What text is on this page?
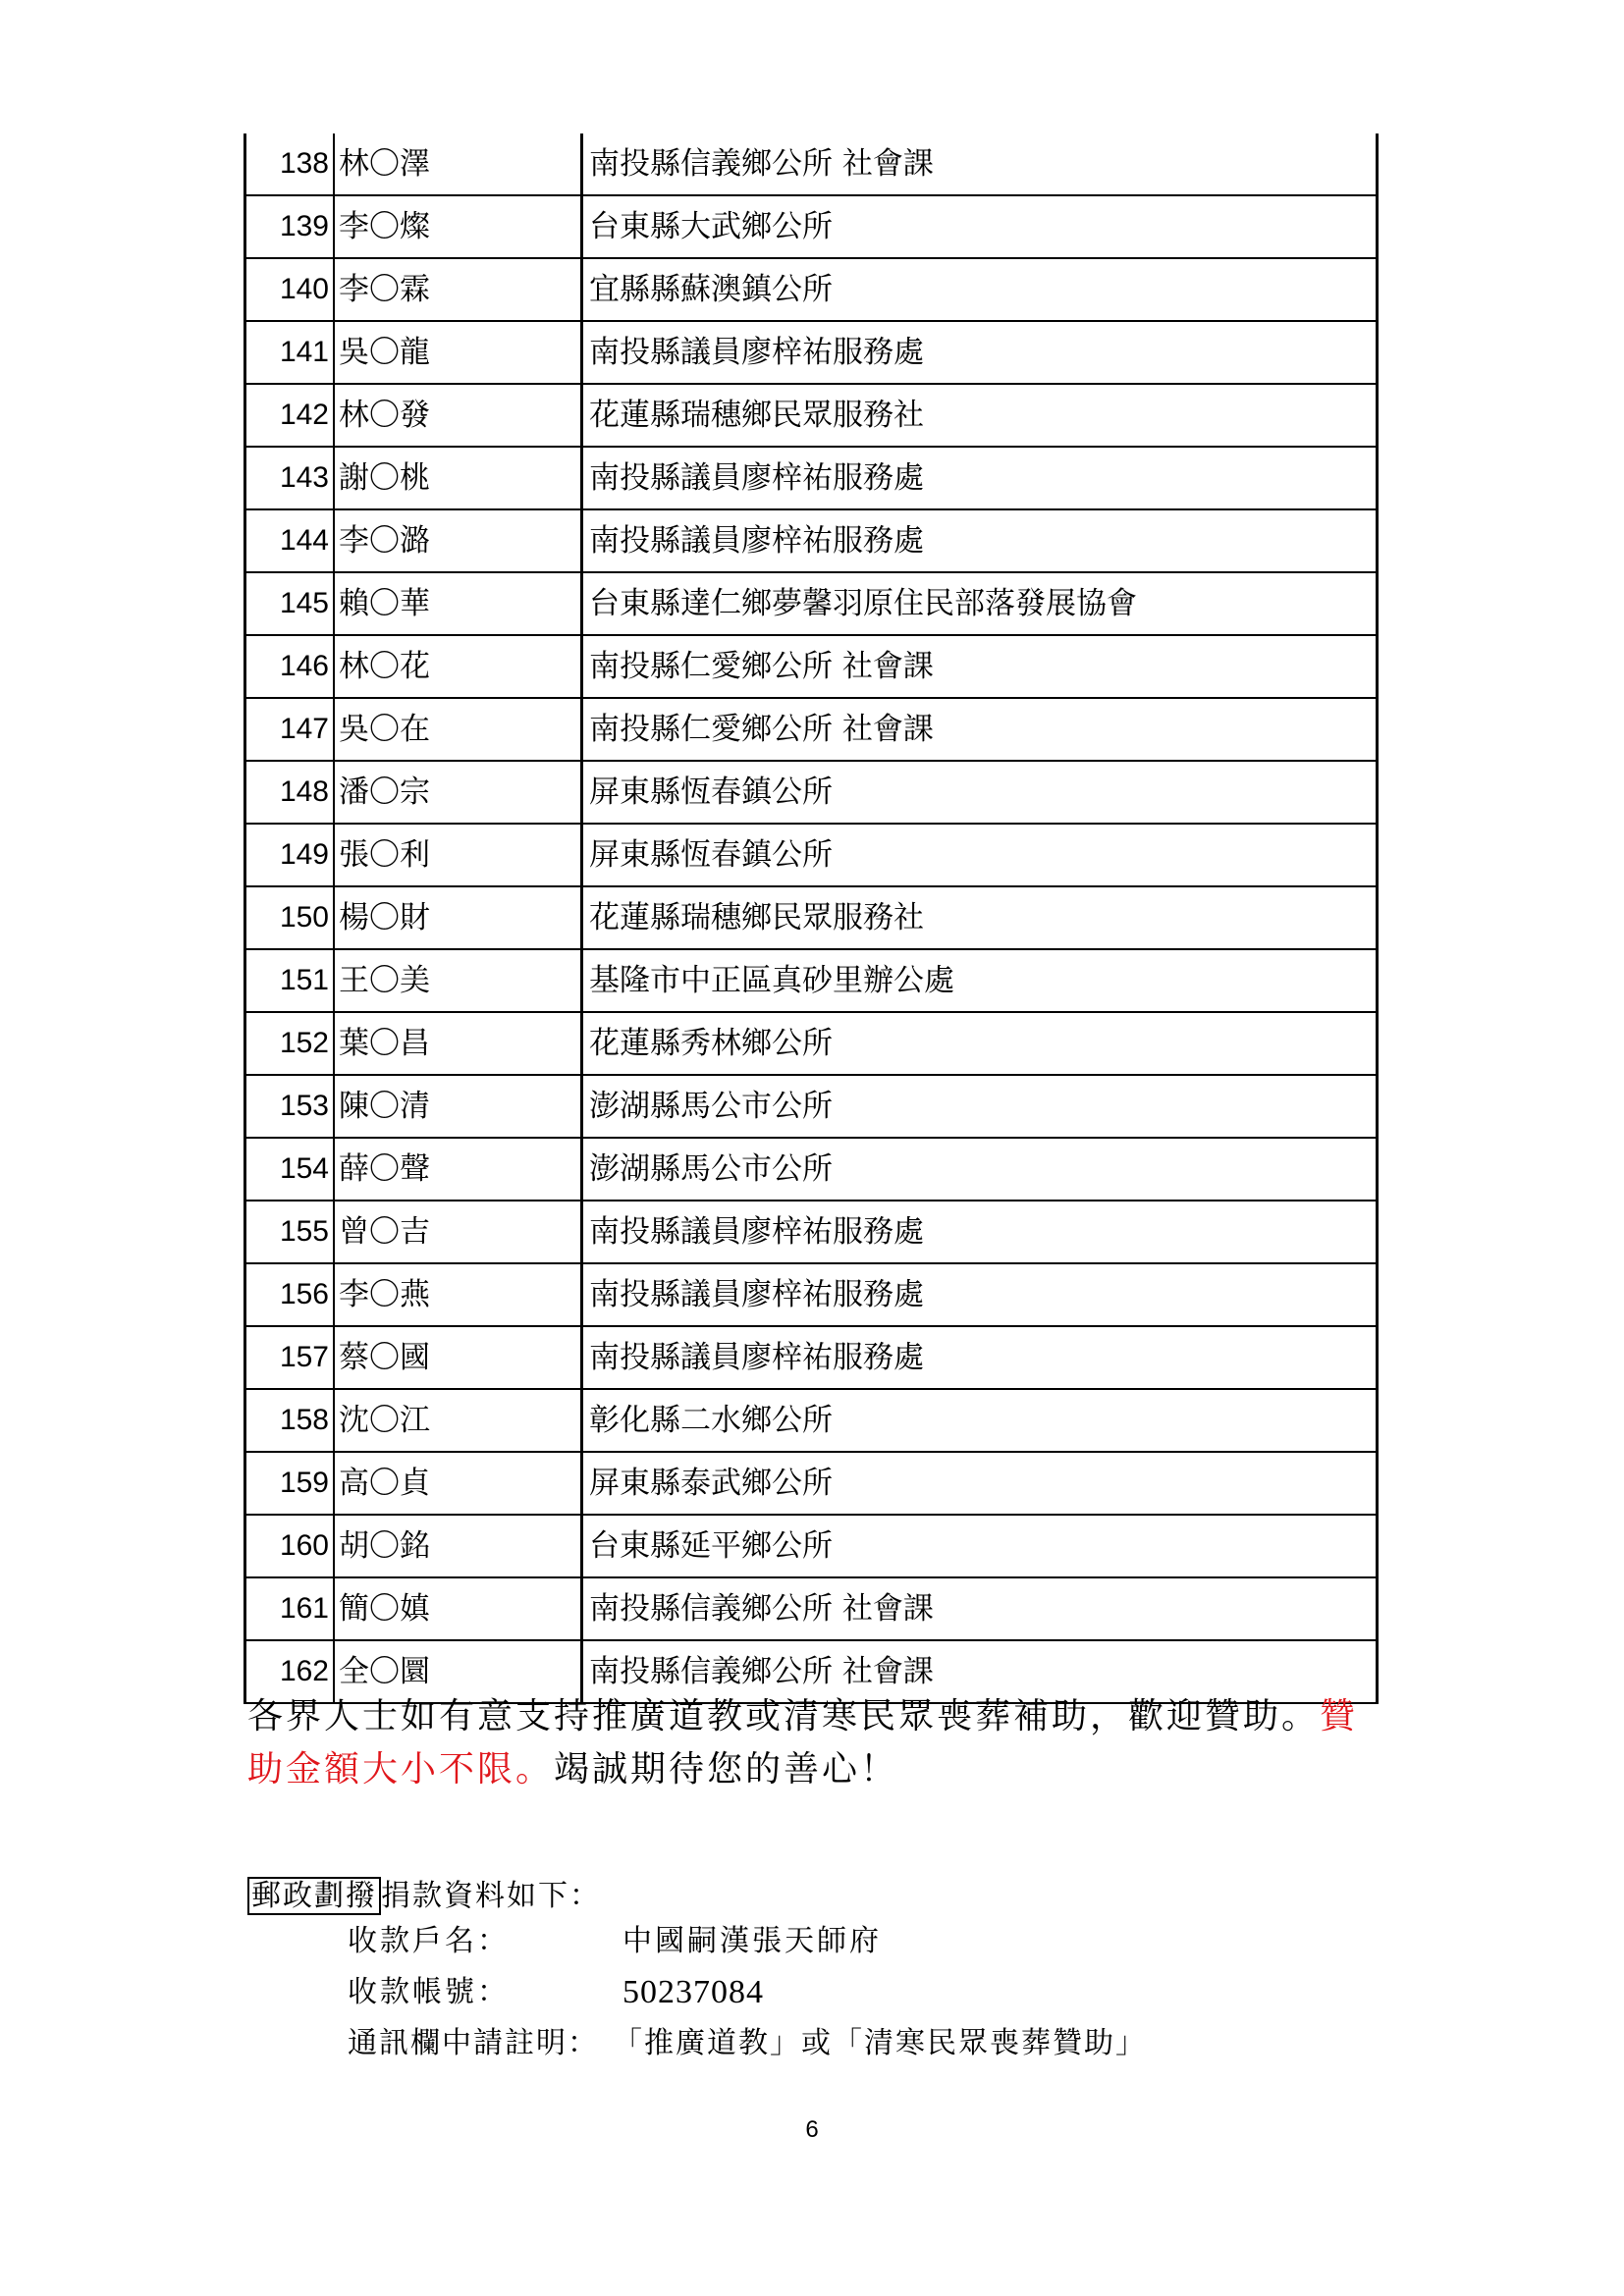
138	林〇澤	南投縣信義鄉公所 社會課
139	李〇燦	台東縣大武鄉公所
140	李〇霖	宜縣縣蘇澳鎮公所
141	吳〇龍	南投縣議員廖梓祐服務處
142	林〇發	花蓮縣瑞穗鄉民眾服務社
143	謝〇桃	南投縣議員廖梓祐服務處
144	李〇潞	南投縣議員廖梓祐服務處
145	賴〇華	台東縣達仁鄉夢馨羽原住民部落發展協會
146	林〇花	南投縣仁愛鄉公所 社會課
147	吳〇在	南投縣仁愛鄉公所 社會課
148	潘〇宗	屏東縣恆春鎮公所
149	張〇利	屏東縣恆春鎮公所
150	楊〇財	花蓮縣瑞穗鄉民眾服務社
151	王〇美	基隆市中正區真砂里辦公處
152	葉〇昌	花蓮縣秀林鄉公所
153	陳〇清	澎湖縣馬公市公所
154	薛〇聲	澎湖縣馬公市公所
155	曾〇吉	南投縣議員廖梓祐服務處
156	李〇燕	南投縣議員廖梓祐服務處
157	蔡〇國	南投縣議員廖梓祐服務處
158	沈〇江	彰化縣二水鄉公所
159	高〇貞	屏東縣泰武鄉公所
160	胡〇銘	台東縣延平鄉公所
161	簡〇嫃	南投縣信義鄉公所 社會課
162	全〇圜	南投縣信義鄉公所 社會課
各界人士如有意支持推廣道教或清寒民眾喪葬補助，歡迎贊助。贊助金額大小不限。竭誠期待您的善心！
郵政劃撥 捐款資料如下：
收款戶名：	中國嗣漢張天師府
收款帳號：	50237084
通訊欄中請註明： 「推廣道教」或「清寒民眾喪葬贊助」
6
